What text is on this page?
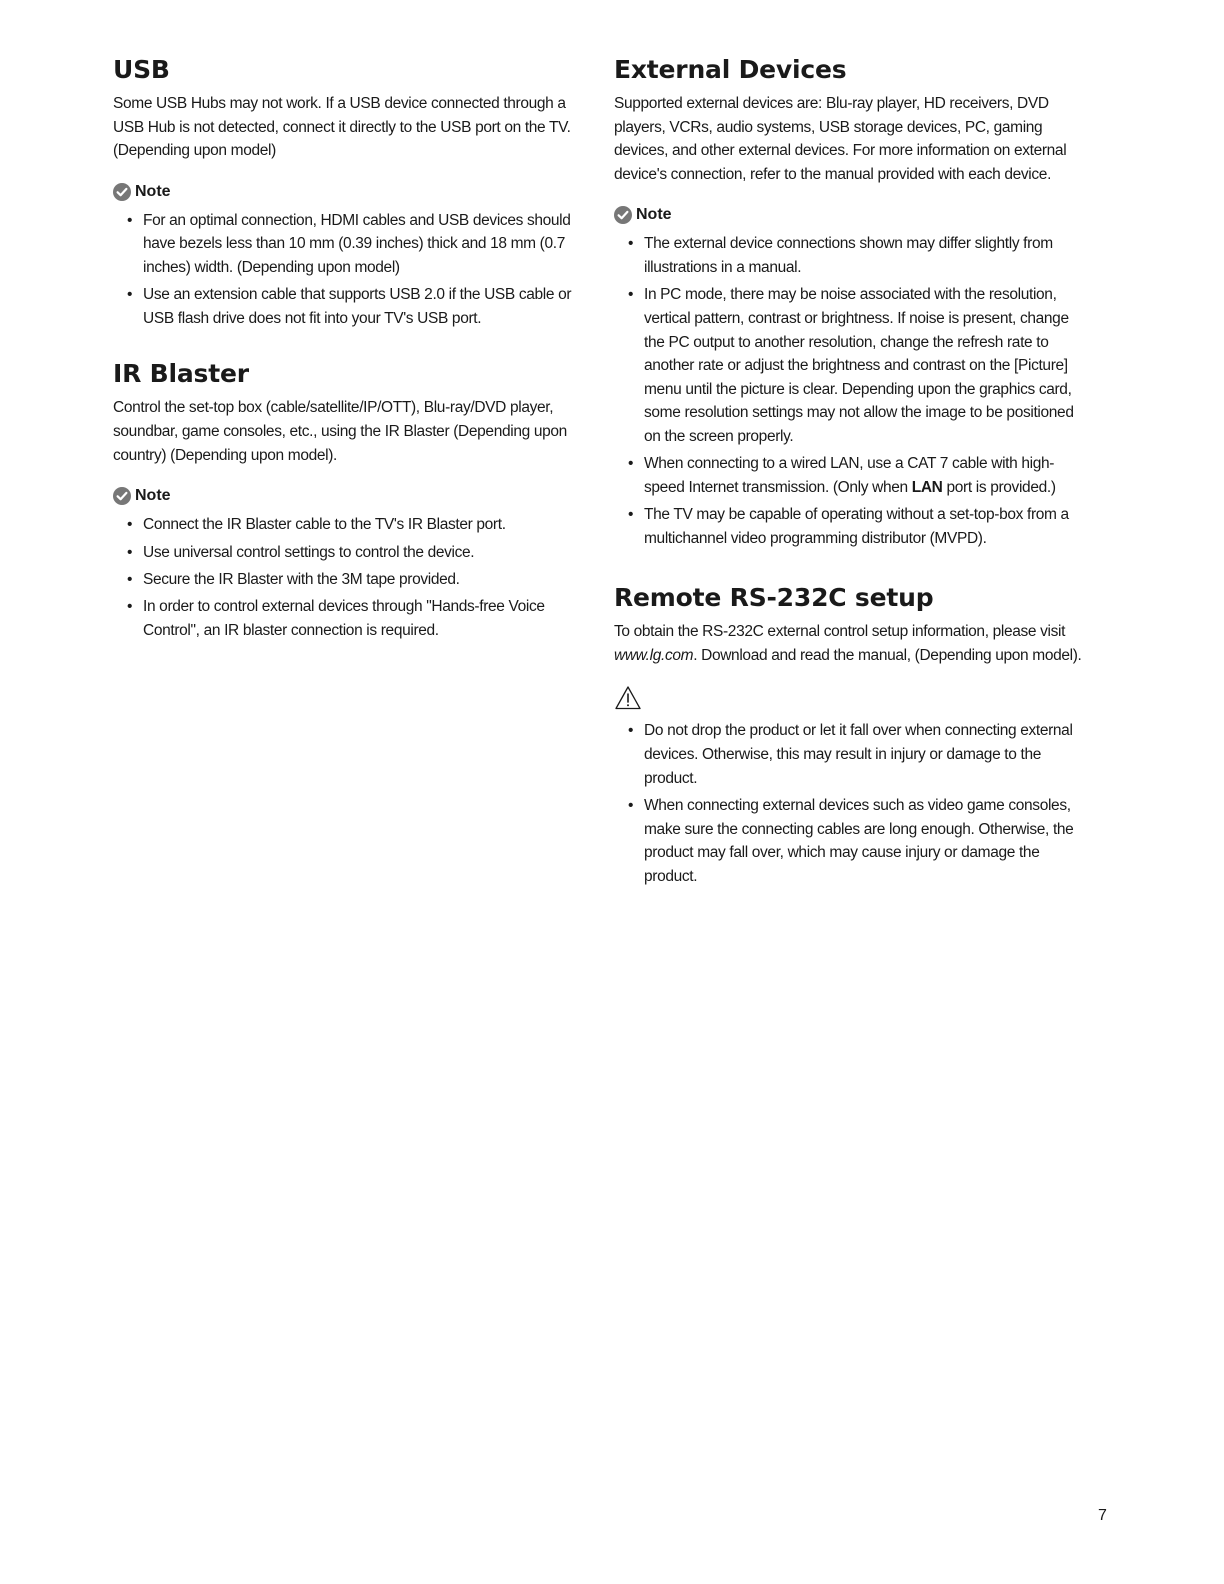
USB

Some USB Hubs may not work. If a USB device connected through a USB Hub is not detected, connect it directly to the USB port on the TV. (Depending upon model)

Note
• For an optimal connection, HDMI cables and USB devices should have bezels less than 10 mm (0.39 inches) thick and 18 mm (0.7 inches) width. (Depending upon model)
• Use an extension cable that supports USB 2.0 if the USB cable or USB flash drive does not fit into your TV's USB port.
IR Blaster

Control the set-top box (cable/satellite/IP/OTT), Blu-ray/DVD player, soundbar, game consoles, etc., using the IR Blaster (Depending upon country) (Depending upon model).

Note
• Connect the IR Blaster cable to the TV's IR Blaster port.
• Use universal control settings to control the device.
• Secure the IR Blaster with the 3M tape provided.
• In order to control external devices through "Hands-free Voice Control", an IR blaster connection is required.
External Devices

Supported external devices are: Blu-ray player, HD receivers, DVD players, VCRs, audio systems, USB storage devices, PC, gaming devices, and other external devices. For more information on external device's connection, refer to the manual provided with each device.

Note
• The external device connections shown may differ slightly from illustrations in a manual.
• In PC mode, there may be noise associated with the resolution, vertical pattern, contrast or brightness. If noise is present, change the PC output to another resolution, change the refresh rate to another rate or adjust the brightness and contrast on the [Picture] menu until the picture is clear. Depending upon the graphics card, some resolution settings may not allow the image to be positioned on the screen properly.
• When connecting to a wired LAN, use a CAT 7 cable with high-speed Internet transmission. (Only when LAN port is provided.)
• The TV may be capable of operating without a set-top-box from a multichannel video programming distributor (MVPD).
Remote RS-232C setup

To obtain the RS-232C external control setup information, please visit www.lg.com. Download and read the manual, (Depending upon model).

• Do not drop the product or let it fall over when connecting external devices. Otherwise, this may result in injury or damage to the product.
• When connecting external devices such as video game consoles, make sure the connecting cables are long enough. Otherwise, the product may fall over, which may cause injury or damage the product.
7
